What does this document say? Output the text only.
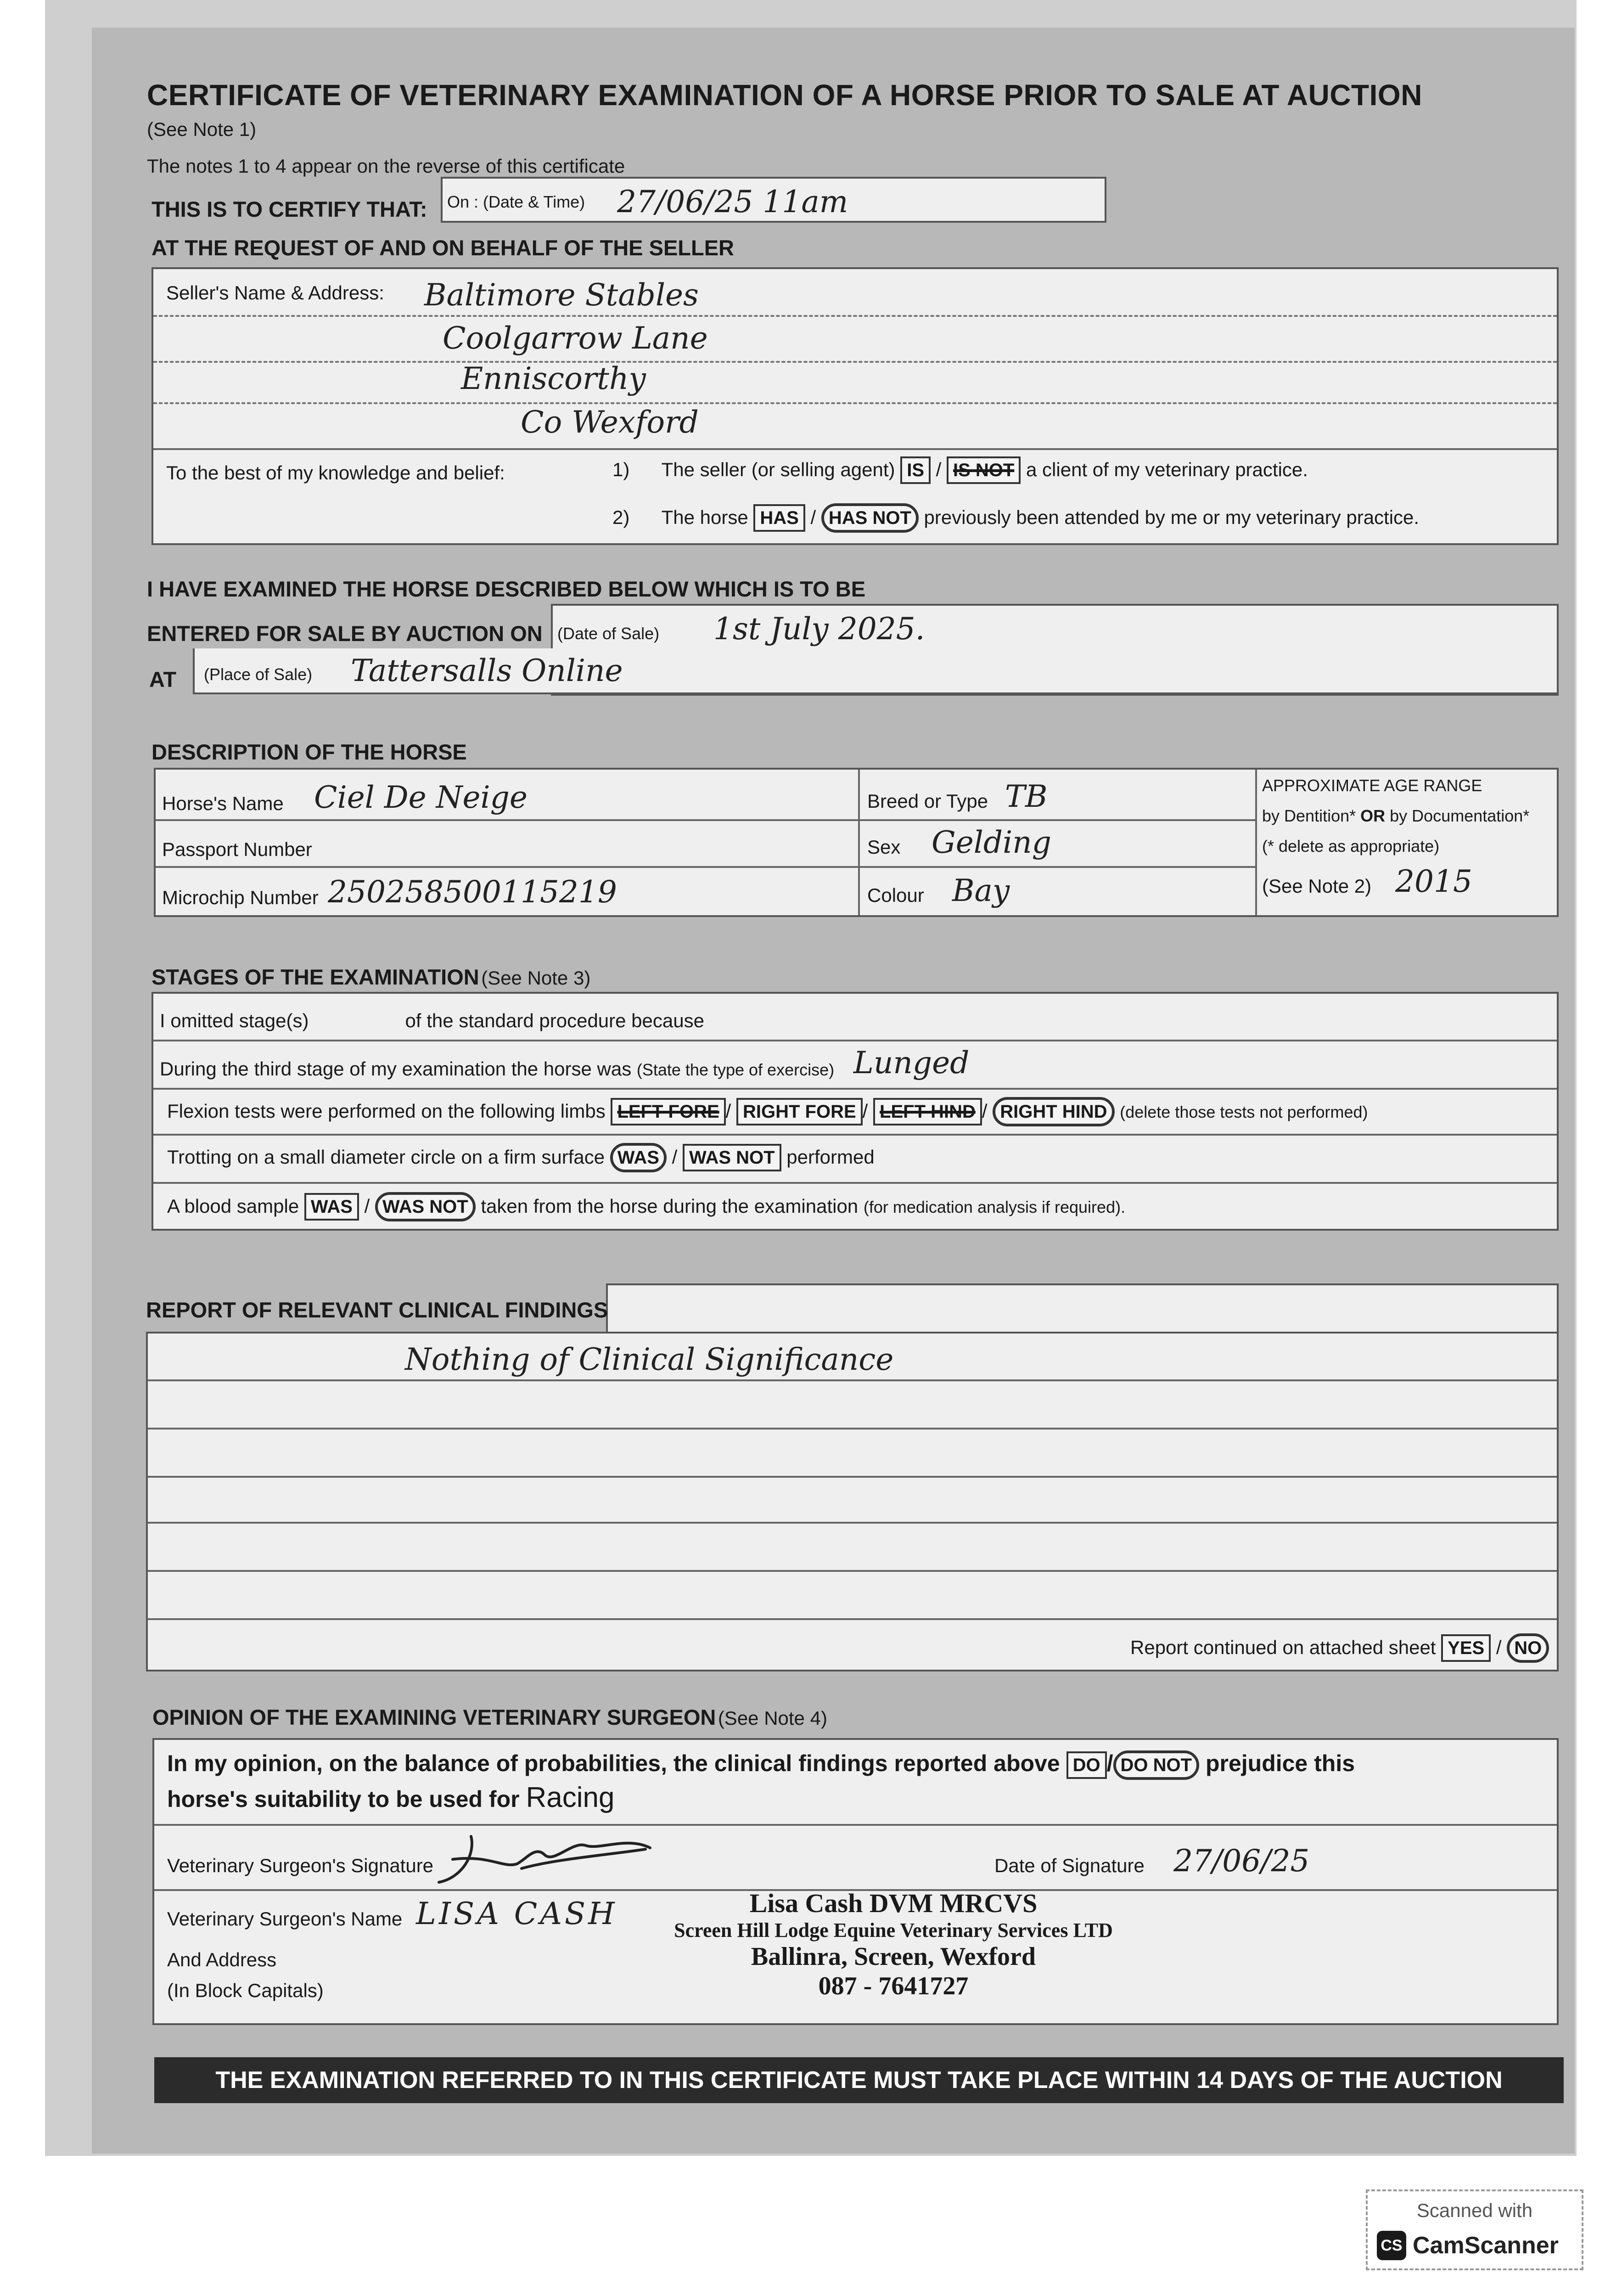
CERTIFICATE OF VETERINARY EXAMINATION OF A HORSE PRIOR TO SALE AT AUCTION
(See Note 1)
The notes 1 to 4 appear on the reverse of this certificate
THIS IS TO CERTIFY THAT: On : (Date & Time) 27/06/25 11am
AT THE REQUEST OF AND ON BEHALF OF THE SELLER
Seller's Name & Address: Baltimore Stables
Coolgarrow Lane
Enniscorthy
Co Wexford
To the best of my knowledge and belief:	1) The seller (or selling agent) IS / IS NOT a client of my veterinary practice.
2) The horse HAS / HAS NOT previously been attended by me or my veterinary practice.
I HAVE EXAMINED THE HORSE DESCRIBED BELOW WHICH IS TO BE
ENTERED FOR SALE BY AUCTION ON (Date of Sale) 1st July 2025.
AT (Place of Sale) Tattersalls Online
DESCRIPTION OF THE HORSE
Horse's Name Ciel De Neige
Passport Number
Microchip Number 250258500115219
Breed or Type TB
Sex Gelding
Colour Bay
APPROXIMATE AGE RANGE
by Dentition* OR by Documentation*
(* delete as appropriate)
(See Note 2) 2015
STAGES OF THE EXAMINATION (See Note 3)
I omitted stage(s)	of the standard procedure because
During the third stage of my examination the horse was (State the type of exercise) Lunged
Flexion tests were performed on the following limbs LEFT FORE / RIGHT FORE / LEFT HIND / RIGHT HIND (delete those tests not performed)
Trotting on a small diameter circle on a firm surface WAS / WAS NOT performed
A blood sample WAS / WAS NOT taken from the horse during the examination (for medication analysis if required).
REPORT OF RELEVANT CLINICAL FINDINGS
Nothing of Clinical Significance
Report continued on attached sheet YES / NO
OPINION OF THE EXAMINING VETERINARY SURGEON (See Note 4)
In my opinion, on the balance of probabilities, the clinical findings reported above DO / DO NOT prejudice this
horse's suitability to be used for Racing
Veterinary Surgeon's Signature	Date of Signature 27/06/25
Veterinary Surgeon's Name LISA CASH
And Address
(In Block Capitals)
Lisa Cash DVM MRCVS
Screen Hill Lodge Equine Veterinary Services LTD
Ballinra, Screen, Wexford
087 - 7641727
THE EXAMINATION REFERRED TO IN THIS CERTIFICATE MUST TAKE PLACE WITHIN 14 DAYS OF THE AUCTION
Scanned with
CS CamScanner
